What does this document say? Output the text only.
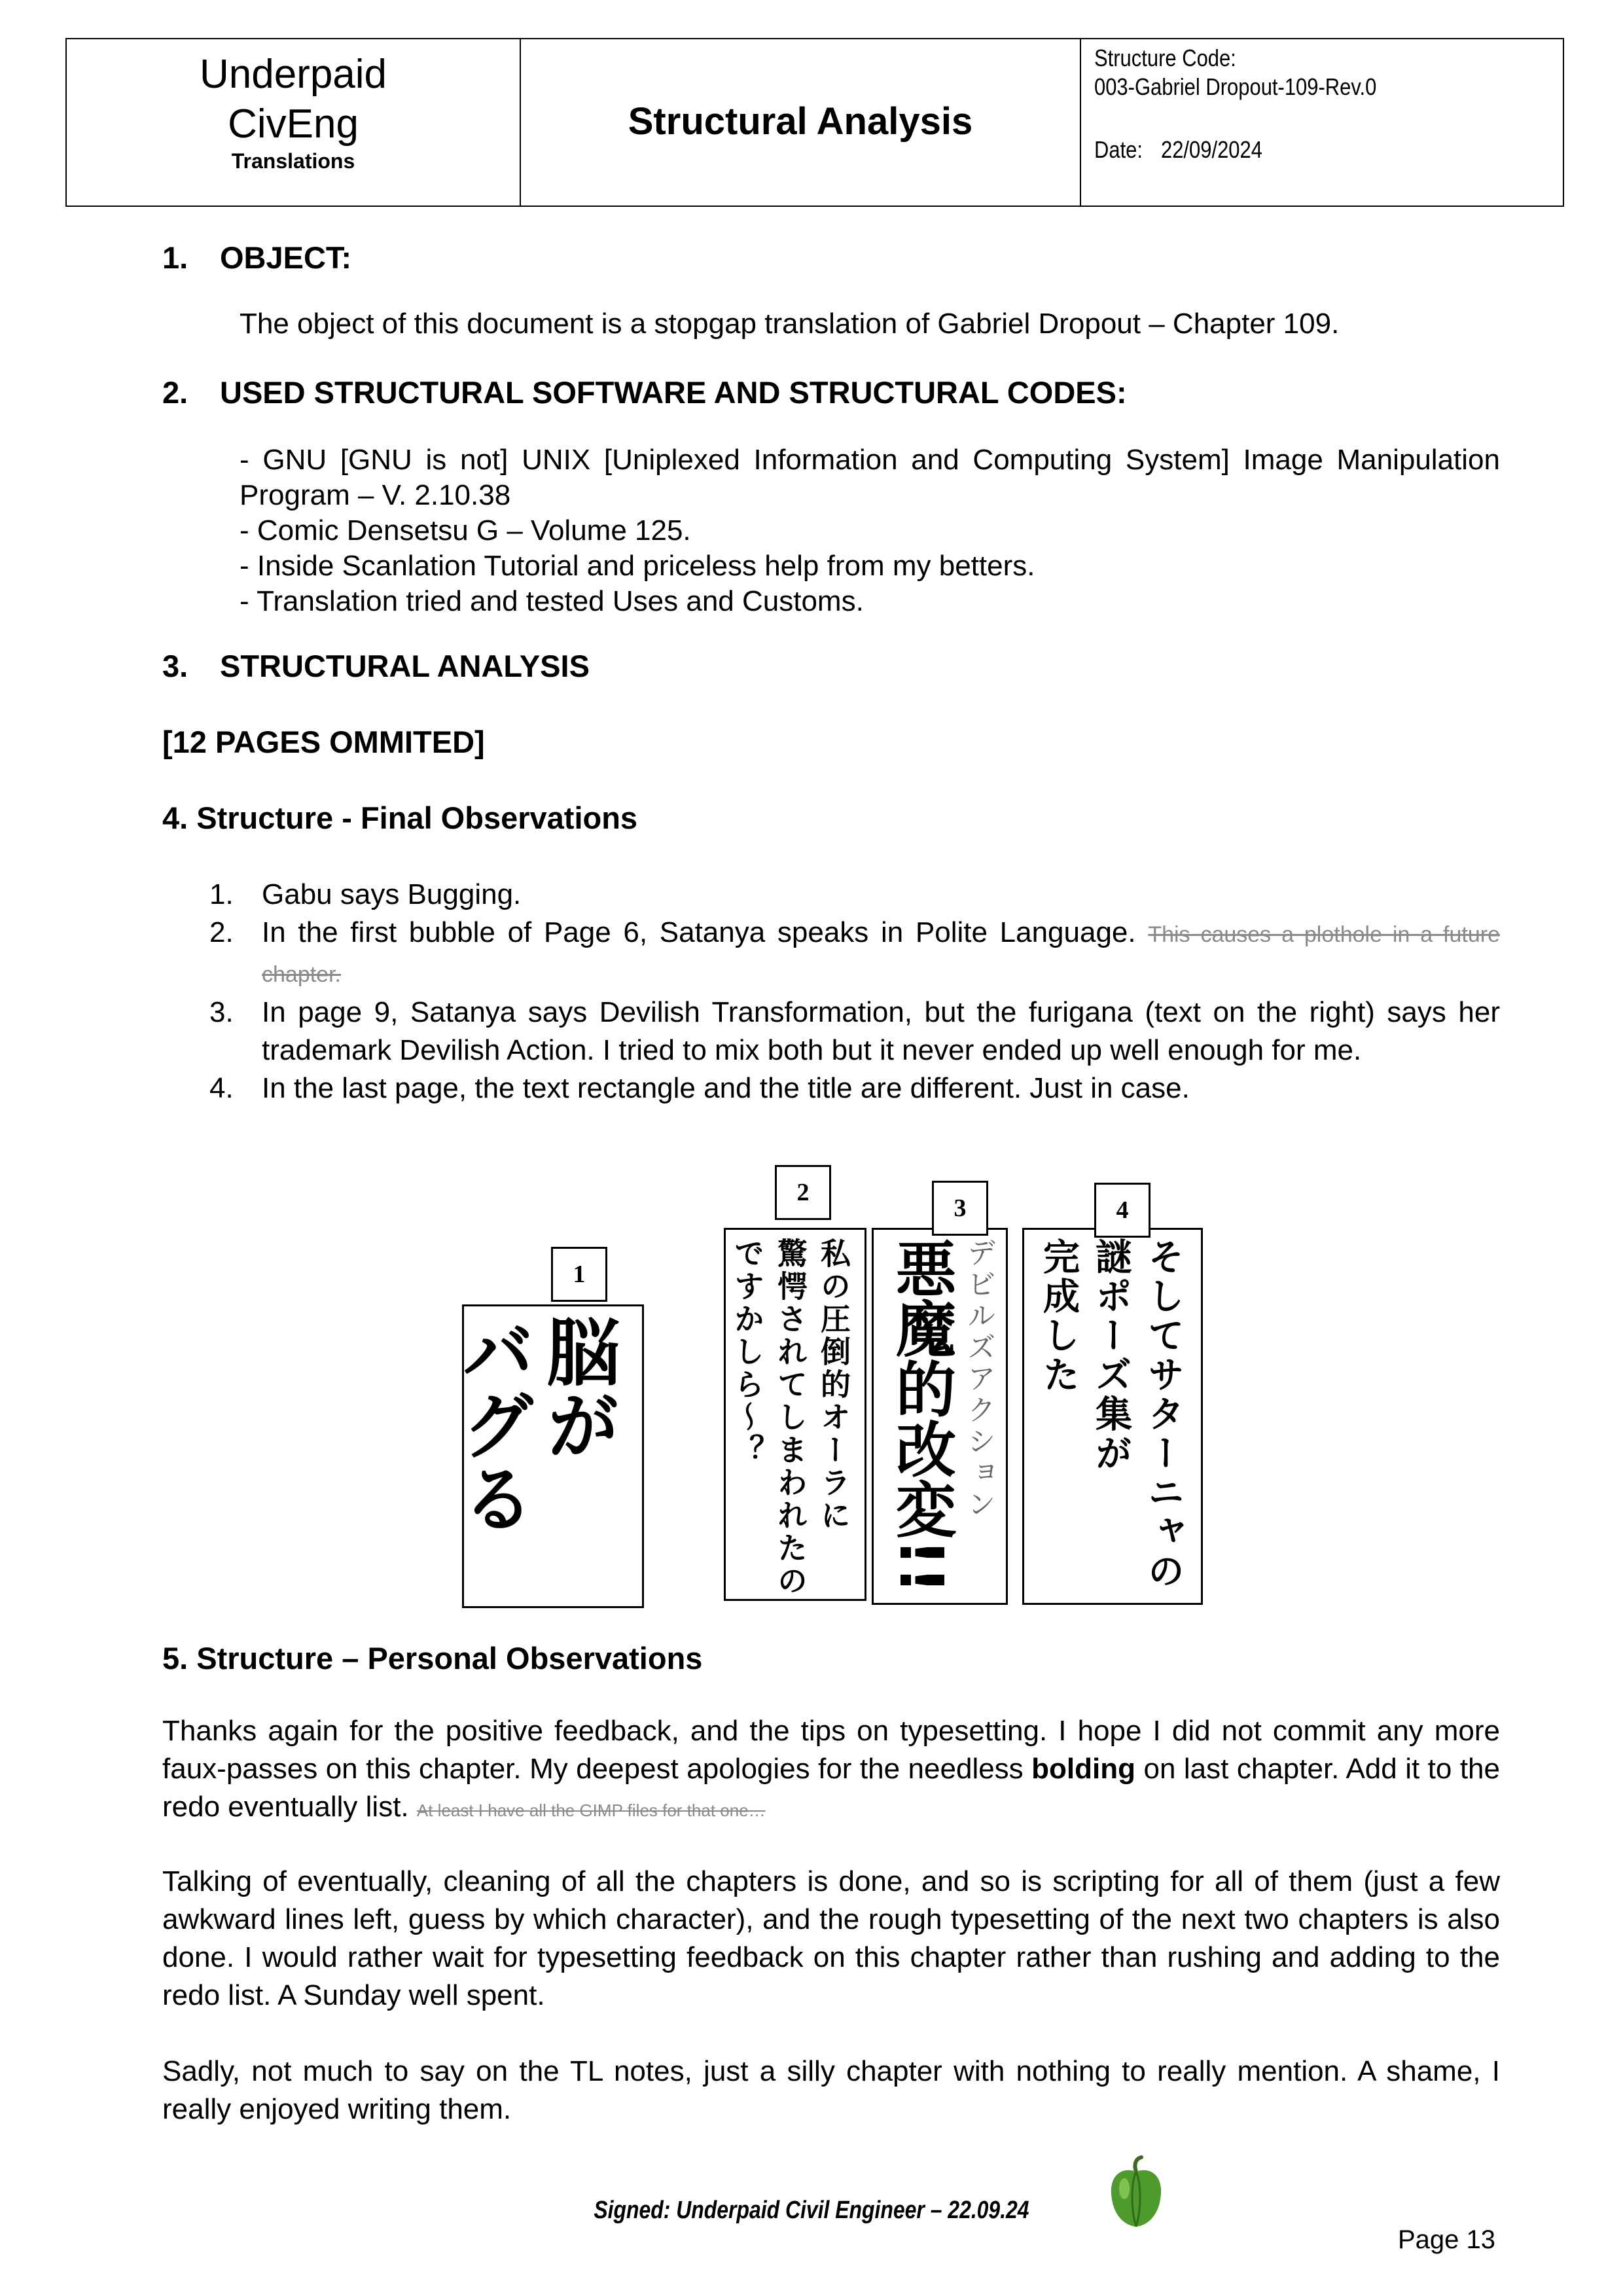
Underpaid
CivEng
Translations
Structural Analysis
Structure Code:
003-Gabriel Dropout-109-Rev.0
Date: 22/09/2024
1. OBJECT:
The object of this document is a stopgap translation of Gabriel Dropout – Chapter 109.
2. USED STRUCTURAL SOFTWARE AND STRUCTURAL CODES:
- GNU [GNU is not] UNIX [Uniplexed Information and Computing System] Image Manipulation Program – V. 2.10.38
- Comic Densetsu G – Volume 125.
- Inside Scanlation Tutorial and priceless help from my betters.
- Translation tried and tested Uses and Customs.
3. STRUCTURAL ANALYSIS
[12 PAGES OMMITED]
4. Structure - Final Observations
1. Gabu says Bugging.
2. In the first bubble of Page 6, Satanya speaks in Polite Language. This causes a plothole in a future chapter.
3. In page 9, Satanya says Devilish Transformation, but the furigana (text on the right) says her trademark Devilish Action. I tried to mix both but it never ended up well enough for me.
4. In the last page, the text rectangle and the title are different. Just in case.
脳が
バグる
1	私の圧倒的オーラに
驚愕されてしまわれたの
ですかしら〜？
2
デビルズアクション
悪魔的改変!!
3
そしてサターニャの
謎ポーズ集が
完成した
4
5. Structure – Personal Observations
Thanks again for the positive feedback, and the tips on typesetting. I hope I did not commit any more faux-passes on this chapter. My deepest apologies for the needless bolding on last chapter. Add it to the redo eventually list. At least I have all the GIMP files for that one…
Talking of eventually, cleaning of all the chapters is done, and so is scripting for all of them (just a few awkward lines left, guess by which character), and the rough typesetting of the next two chapters is also done. I would rather wait for typesetting feedback on this chapter rather than rushing and adding to the redo list. A Sunday well spent.
Sadly, not much to say on the TL notes, just a silly chapter with nothing to really mention. A shame, I really enjoyed writing them.
Signed: Underpaid Civil Engineer – 22.09.24
Page 13
